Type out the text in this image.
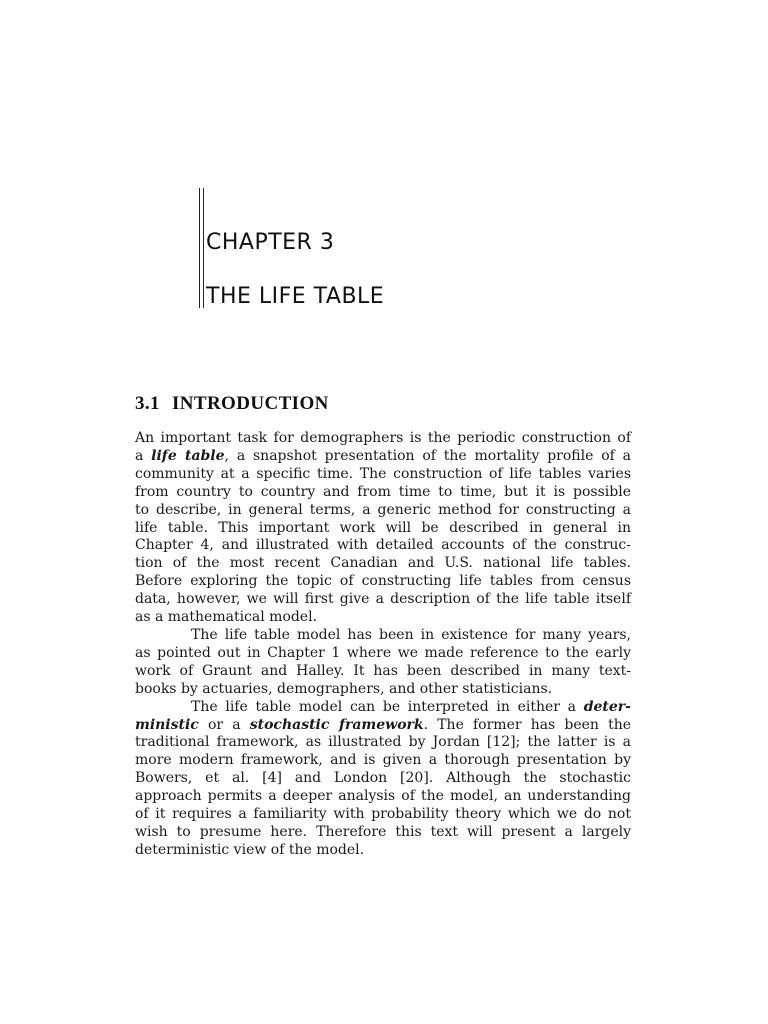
CHAPTER 3
THE LIFE TABLE
3.1 INTRODUCTION
An important task for demographers is the periodic construction of
a life table, a snapshot presentation of the mortality profile of a
community at a specific time. The construction of life tables varies
from country to country and from time to time, but it is possible
to describe, in general terms, a generic method for constructing a
life table. This important work will be described in general in
Chapter 4, and illustrated with detailed accounts of the construc-
tion of the most recent Canadian and U.S. national life tables.
Before exploring the topic of constructing life tables from census
data, however, we will first give a description of the life table itself
as a mathematical model.
The life table model has been in existence for many years,
as pointed out in Chapter 1 where we made reference to the early
work of Graunt and Halley. It has been described in many text-
books by actuaries, demographers, and other statisticians.
The life table model can be interpreted in either a deter-
ministic or a stochastic framework. The former has been the
traditional framework, as illustrated by Jordan [12]; the latter is a
more modern framework, and is given a thorough presentation by
Bowers, et al. [4] and London [20]. Although the stochastic
approach permits a deeper analysis of the model, an understanding
of it requires a familiarity with probability theory which we do not
wish to presume here. Therefore this text will present a largely
deterministic view of the model.
